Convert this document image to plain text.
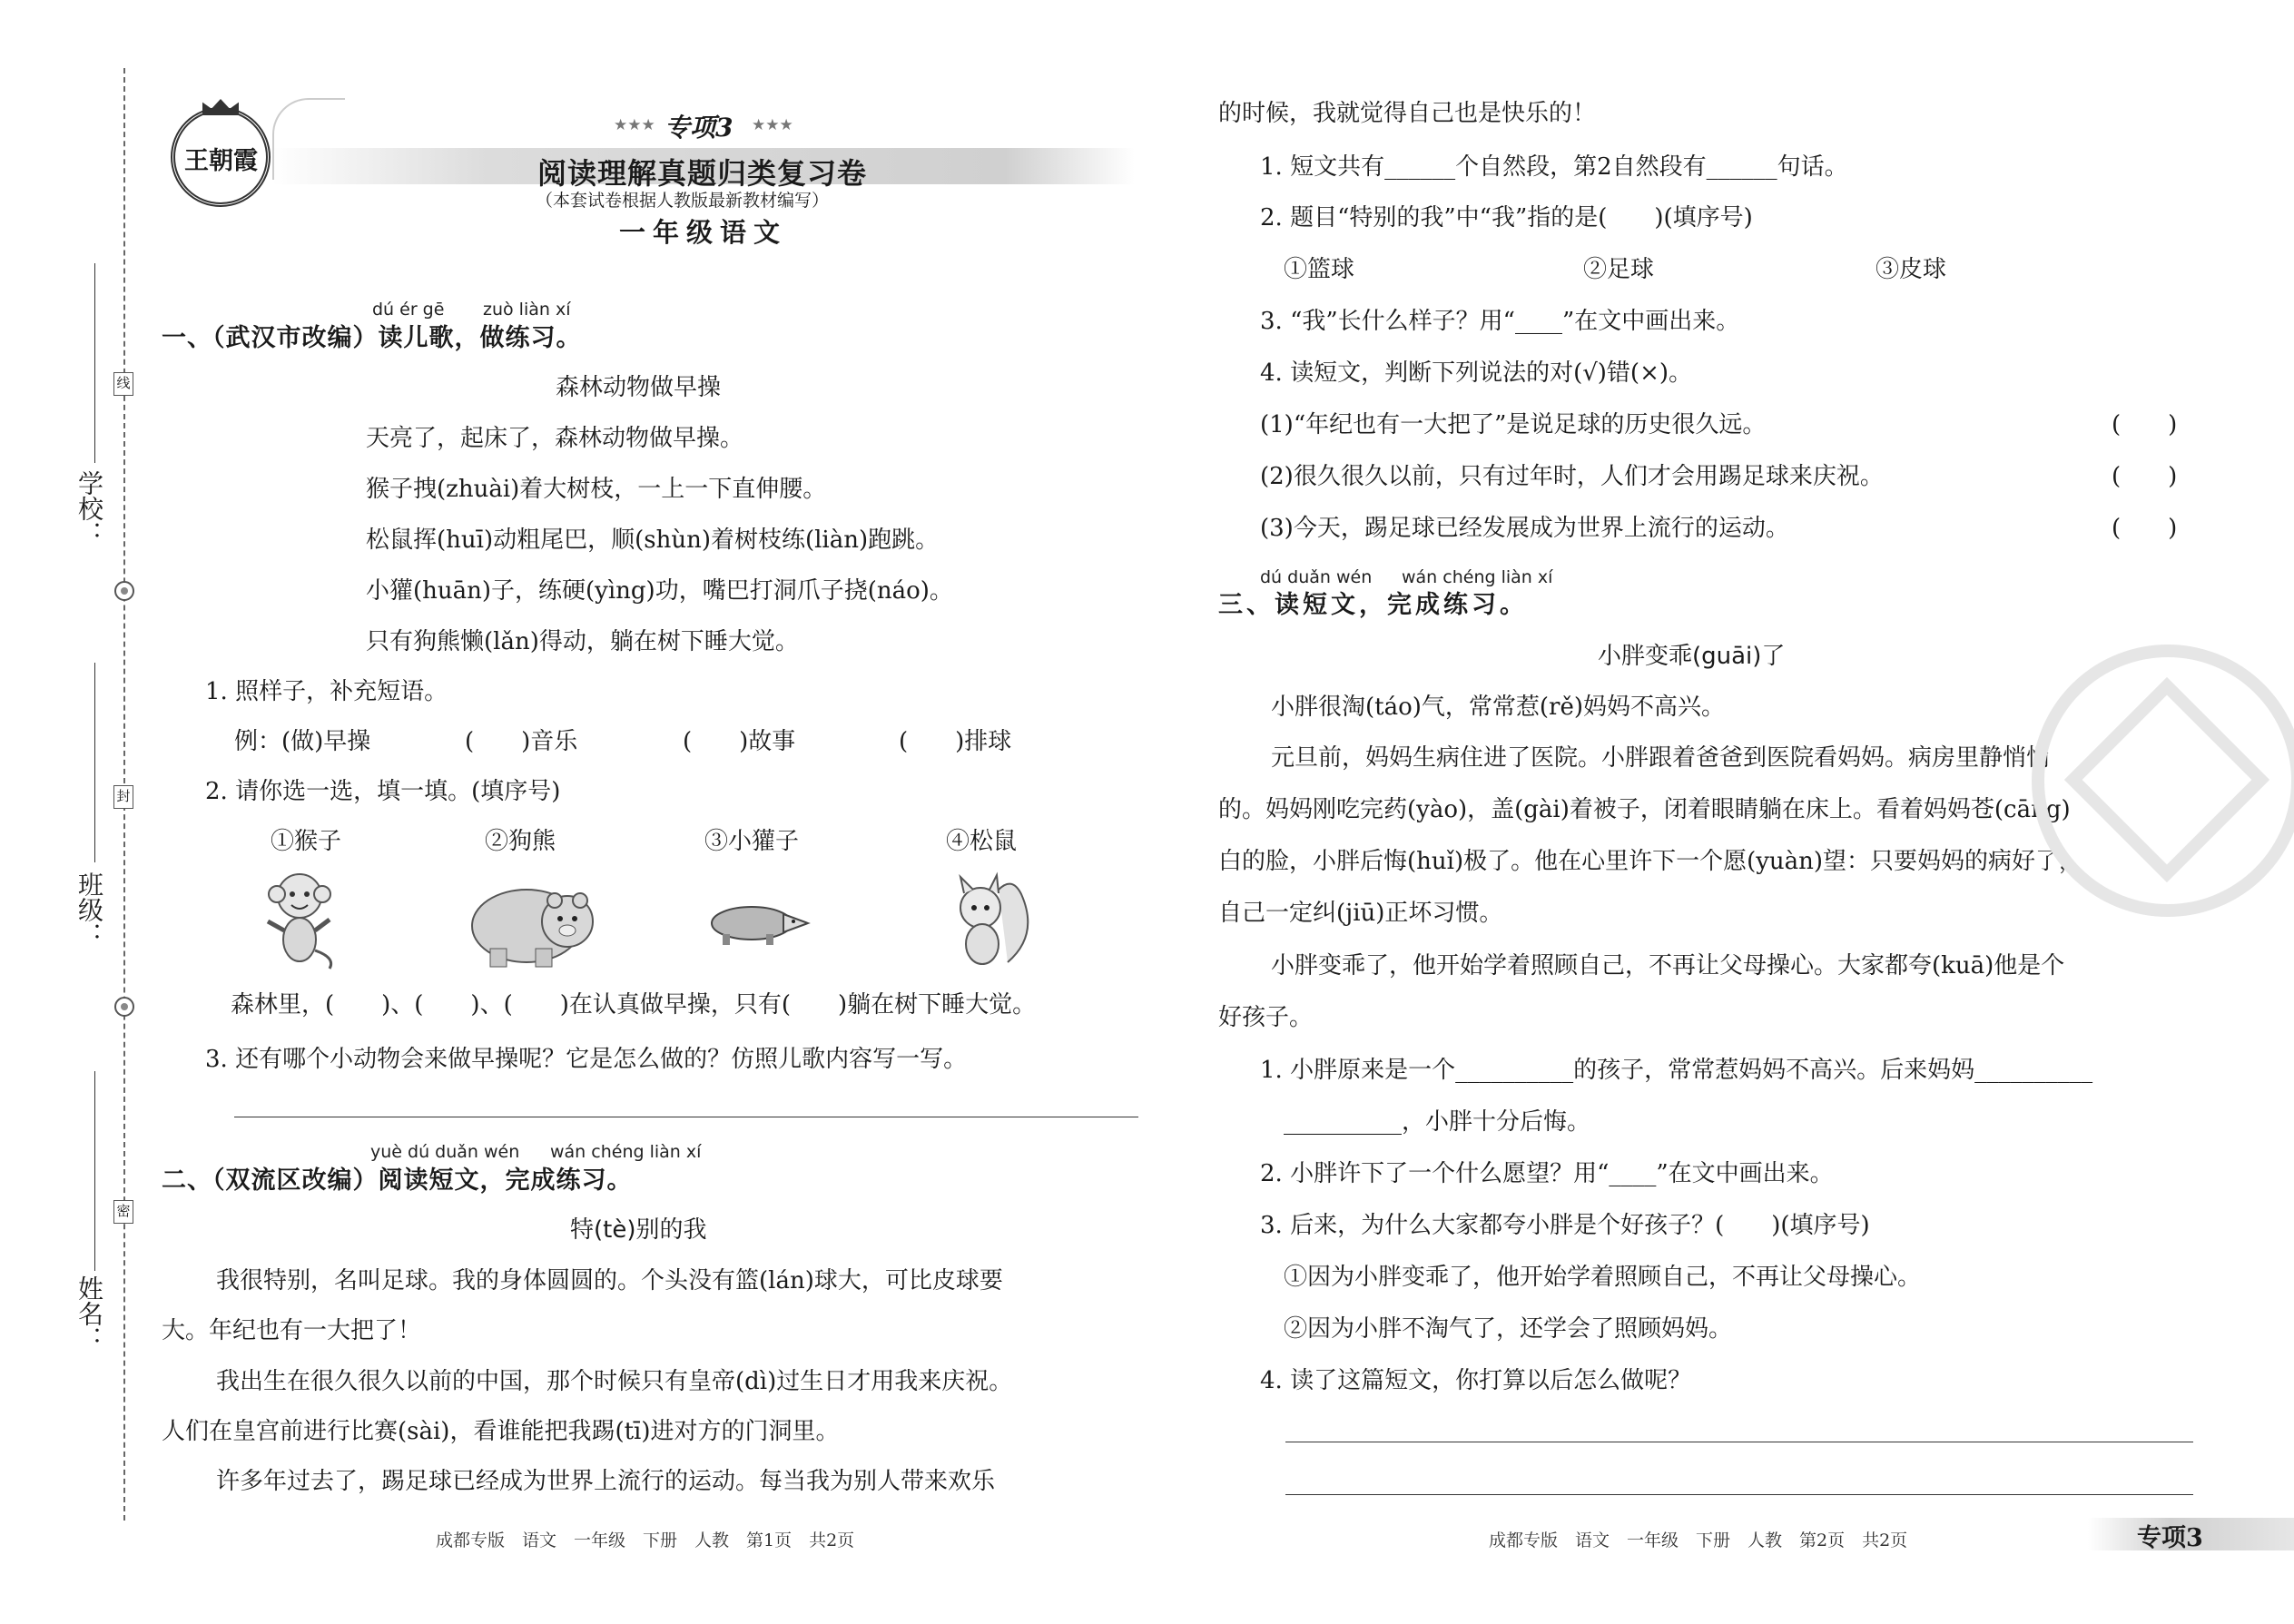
学校：
班级：
姓名：
线
封
密
王朝霞
★★★ 专项3 ★★★
阅读理解真题归类复习卷
（本套试卷根据人教版最新教材编写）
一年级语文
dú ér gē zuò liàn xí
一、（武汉市改编）读儿歌，做练习。
森林动物做早操
天亮了，起床了，森林动物做早操。
猴子拽(zhuài)着大树枝，一上一下直伸腰。
松鼠挥(huī)动粗尾巴，顺(shùn)着树枝练(liàn)跑跳。
小獾(huān)子，练硬(yìng)功，嘴巴打洞爪子挠(náo)。
只有狗熊懒(lǎn)得动，躺在树下睡大觉。
1. 照样子，补充短语。
例：(做)早操	(　　)音乐	(　　)故事	(　　)排球
2. 请你选一选，填一填。(填序号)
①猴子	②狗熊	③小獾子	④松鼠
森林里，(　　)、(　　)、(　　)在认真做早操，只有(　　)躺在树下睡大觉。
3. 还有哪个小动物会来做早操呢？它是怎么做的？仿照儿歌内容写一写。
yuè dú duǎn wén wán chéng liàn xí
二、（双流区改编）阅读短文，完成练习。
特(tè)别的我
我很特别，名叫足球。我的身体圆圆的。个头没有篮(lán)球大，可比皮球要
大。年纪也有一大把了！
我出生在很久很久以前的中国，那个时候只有皇帝(dì)过生日才用我来庆祝。
人们在皇宫前进行比赛(sài)，看谁能把我踢(tī)进对方的门洞里。
许多年过去了，踢足球已经成为世界上流行的运动。每当我为别人带来欢乐
的时候，我就觉得自己也是快乐的！
1. 短文共有______个自然段，第2自然段有______句话。
2. 题目“特别的我”中“我”指的是(　　)(填序号)
①篮球	②足球	③皮球
3. “我”长什么样子？用“____”在文中画出来。
4. 读短文，判断下列说法的对(√)错(×)。
(1)“年纪也有一大把了”是说足球的历史很久远。	(　　)
(2)很久很久以前，只有过年时，人们才会用踢足球来庆祝。	(　　)
(3)今天，踢足球已经发展成为世界上流行的运动。	(　　)
dú duǎn wén wán chéng liàn xí
三、读短文，完成练习。
小胖变乖(guāi)了
小胖很淘(táo)气，常常惹(rě)妈妈不高兴。
元旦前，妈妈生病住进了医院。小胖跟着爸爸到医院看妈妈。病房里静悄悄
的。妈妈刚吃完药(yào)，盖(gài)着被子，闭着眼睛躺在床上。看着妈妈苍(cāng)
白的脸，小胖后悔(huǐ)极了。他在心里许下一个愿(yuàn)望：只要妈妈的病好了，
自己一定纠(jiū)正坏习惯。
小胖变乖了，他开始学着照顾自己，不再让父母操心。大家都夸(kuā)他是个
好孩子。
1. 小胖原来是一个__________的孩子，常常惹妈妈不高兴。后来妈妈__________
__________，小胖十分后悔。
2. 小胖许下了一个什么愿望？用“____”在文中画出来。
3. 后来，为什么大家都夸小胖是个好孩子？(　　)(填序号)
①因为小胖变乖了，他开始学着照顾自己，不再让父母操心。
②因为小胖不淘气了，还学会了照顾妈妈。
4. 读了这篇短文，你打算以后怎么做呢？
成都专版　语文　一年级　下册　人教　第1页　共2页	成都专版　语文　一年级　下册　人教　第2页　共2页	专项3
